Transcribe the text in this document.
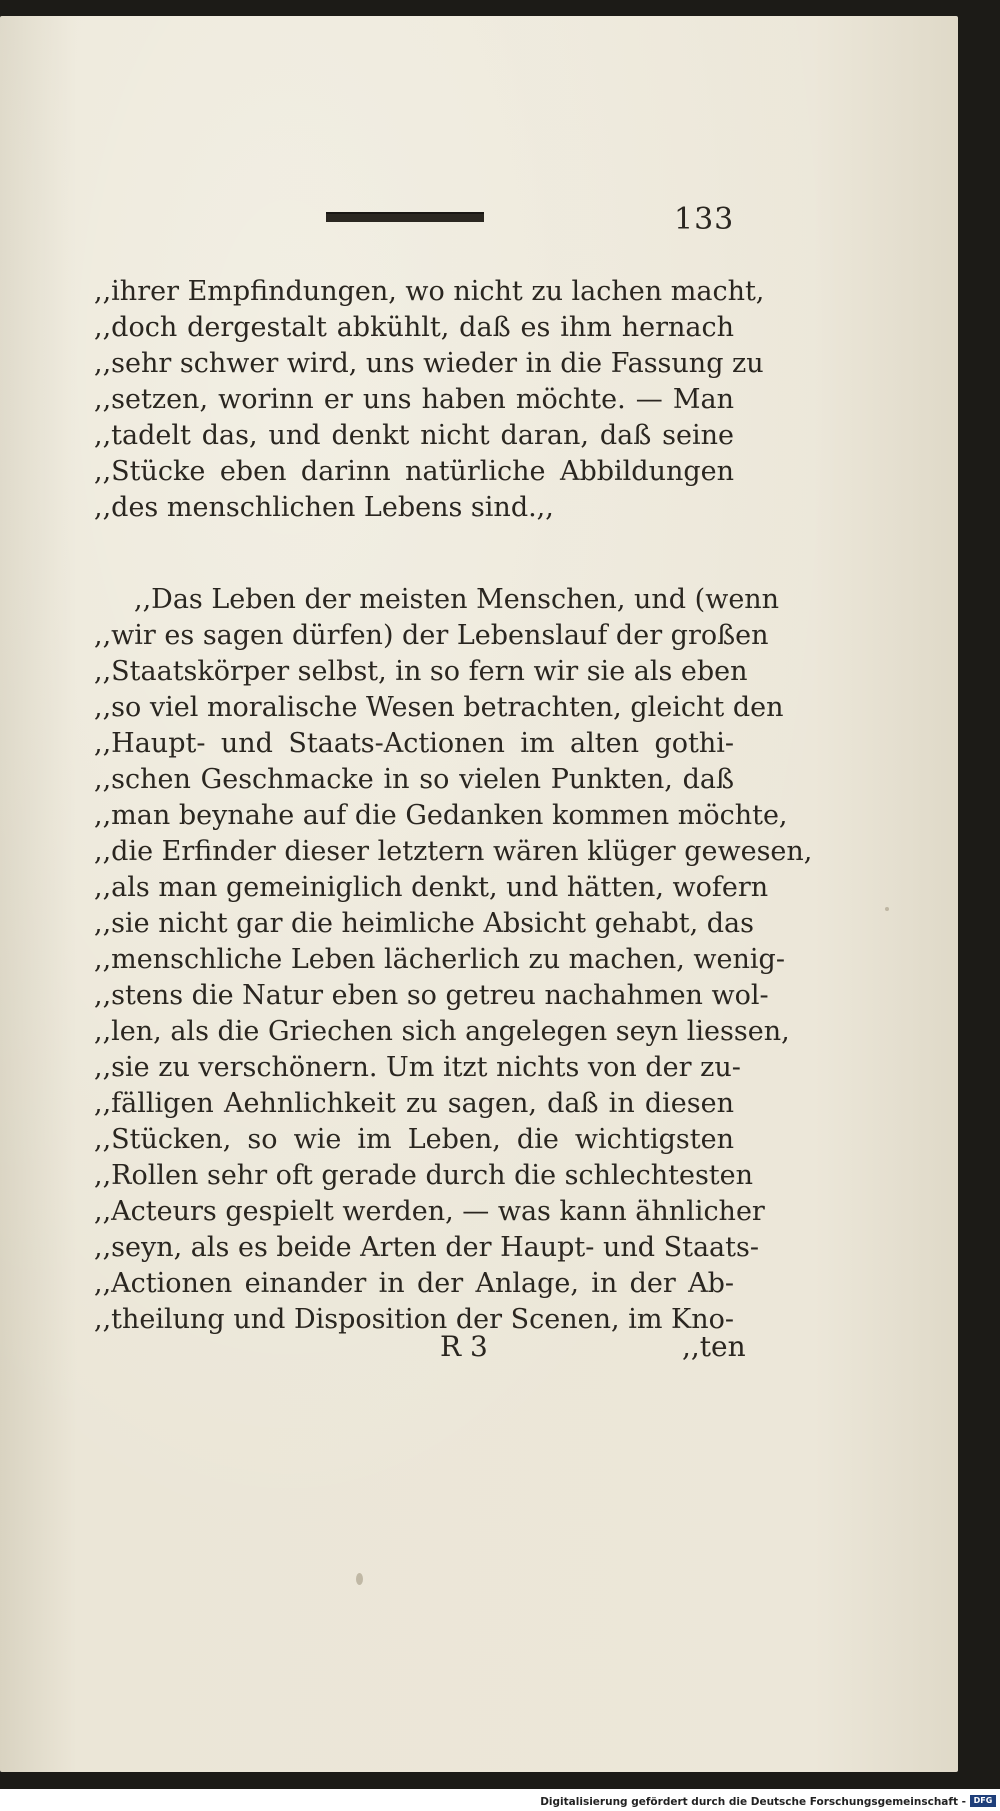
133
,,ihrer Empfindungen, wo nicht zu lachen macht,
,,doch dergestalt abkühlt, daß es ihm hernach
,,sehr schwer wird, uns wieder in die Fassung zu
,,setzen, worinn er uns haben möchte. — Man
,,tadelt das, und denkt nicht daran, daß seine
,,Stücke eben darinn natürliche Abbildungen
,,des menschlichen Lebens sind.,,
,,Das Leben der meisten Menschen, und (wenn
,,wir es sagen dürfen) der Lebenslauf der großen
,,Staatskörper selbst, in so fern wir sie als eben
,,so viel moralische Wesen betrachten, gleicht den
,,Haupt- und Staats-Actionen im alten gothi-
,,schen Geschmacke in so vielen Punkten, daß
,,man beynahe auf die Gedanken kommen möchte,
,,die Erfinder dieser letztern wären klüger gewesen,
,,als man gemeiniglich denkt, und hätten, wofern
,,sie nicht gar die heimliche Absicht gehabt, das
,,menschliche Leben lächerlich zu machen, wenig-
,,stens die Natur eben so getreu nachahmen wol-
,,len, als die Griechen sich angelegen seyn liessen,
,,sie zu verschönern. Um itzt nichts von der zu-
,,fälligen Aehnlichkeit zu sagen, daß in diesen
,,Stücken, so wie im Leben, die wichtigsten
,,Rollen sehr oft gerade durch die schlechtesten
,,Acteurs gespielt werden, — was kann ähnlicher
,,seyn, als es beide Arten der Haupt- und Staats-
,,Actionen einander in der Anlage, in der Ab-
,,theilung und Disposition der Scenen, im Kno-
R 3	,,ten
Digitalisierung gefördert durch die Deutsche Forschungsgemeinschaft - DFG
